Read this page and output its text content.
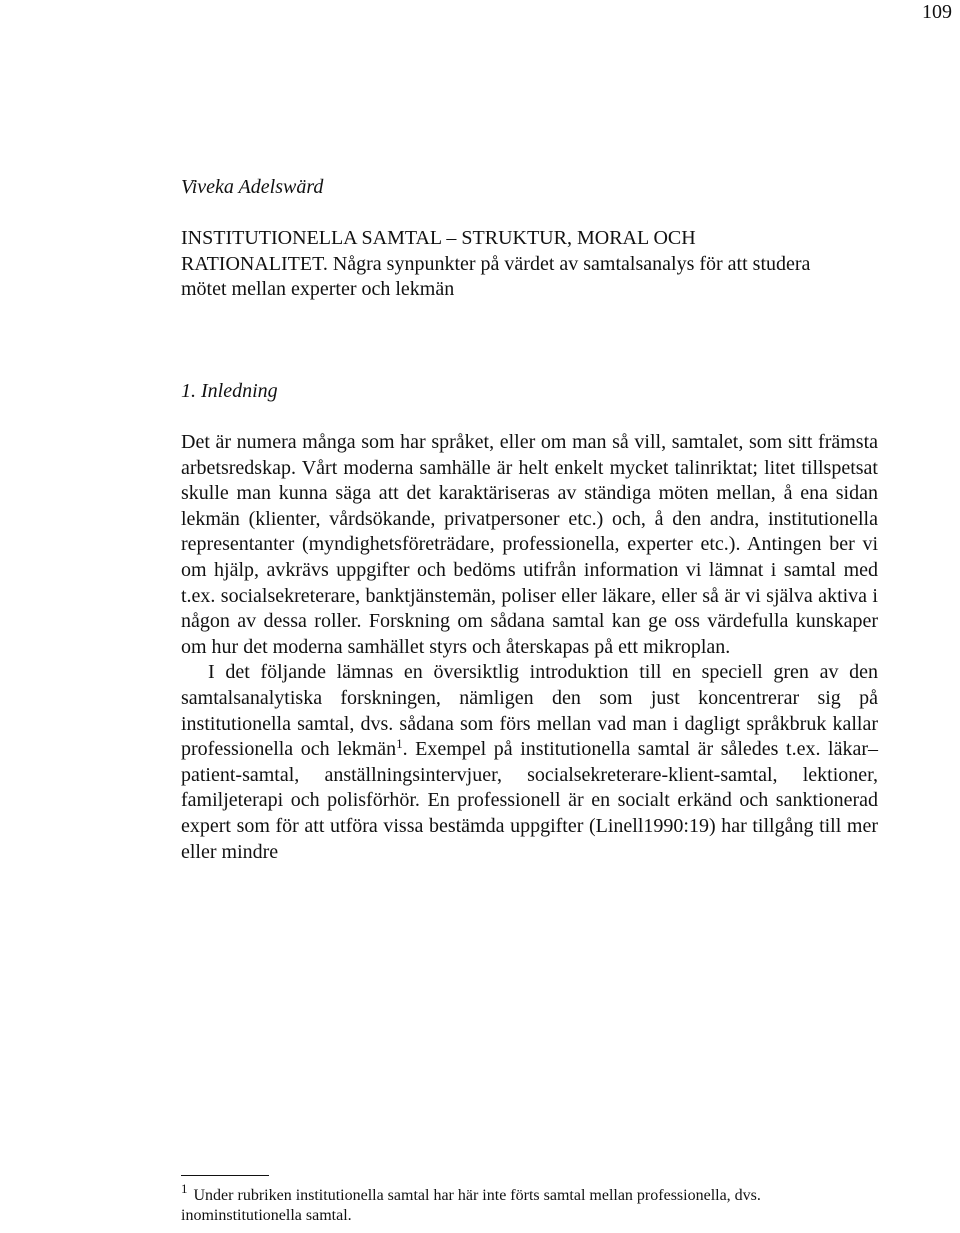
109
Viveka Adelswärd
INSTITUTIONELLA SAMTAL – STRUKTUR, MORAL OCH RATIONALITET. Några synpunkter på värdet av samtalsanalys för att studera mötet mellan experter och lekmän
1. Inledning

Det är numera många som har språket, eller om man så vill, samtalet, som sitt främsta arbetsredskap. Vårt moderna samhälle är helt enkelt mycket talinriktat; litet tillspetsat skulle man kunna säga att det karaktäriseras av ständiga möten mellan, å ena sidan lekmän (klienter, vårdsökande, privatpersoner etc.) och, å den andra, institutionella representanter (myndighetsföreträdare, professionella, experter etc.). Antingen ber vi om hjälp, avkrävs uppgifter och bedöms utifrån information vi lämnat i samtal med t.ex. socialsekreterare, banktjänstemän, poliser eller läkare, eller så är vi själva aktiva i någon av dessa roller. Forskning om sådana samtal kan ge oss värdefulla kunskaper om hur det moderna samhället styrs och återskapas på ett mikroplan.

I det följande lämnas en översiktlig introduktion till en speciell gren av den samtalsanalytiska forskningen, nämligen den som just koncentrerar sig på institutionella samtal, dvs. sådana som förs mellan vad man i dagligt språkbruk kallar professionella och lekmän$^1$. Exempel på institutionella samtal är således t.ex. läkar–patient-samtal, anställningsintervjuer, socialsekreterare-klient-samtal, lektioner, familjeterapi och polisförhör. En professionell är en socialt erkänd och sanktionerad expert som för att utföra vissa bestämda uppgifter (Linell1990:19) har tillgång till mer eller mindre

$^1$ Under rubriken institutionella samtal har här inte förts samtal mellan professionella, dvs. inominstitutionella samtal.
